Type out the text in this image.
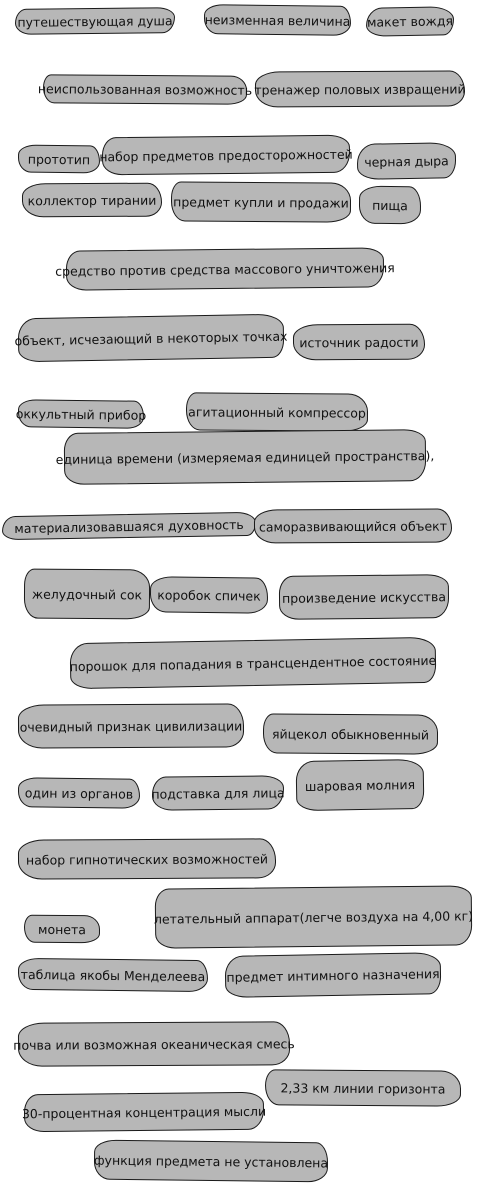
путешествующая душа	неизменная величина макет вождя
неиспользованная возможность тренажер половых извращений
прототип набор предметов предосторожностей черная дыра
коллектор тирании предмет купли и продажи пища
средство против средства массового уничтожения
объект, исчезающий в некоторых точках источник радости
оккультный прибор	агитационный компрессор
единица времени (измеряемая единицей пространства),
материализовавшаяся духовность саморазвивающийся объект
желудочный сок коробок спичек произведение искусства
порошок для попадания в трансцендентное состояние
очевидный признак цивилизации яйцекол обыкновенный
один из органов подставка для лица шаровая молния
набор гипнотических возможностей
монета
летательный аппарат(легче воздуха на 4,00 кг)
таблица якобы Менделеева предмет интимного назначения
почва или возможная океаническая смесь
2,33 км линии горизонта
30-процентная концентрация мысли
функция предмета не установлена
